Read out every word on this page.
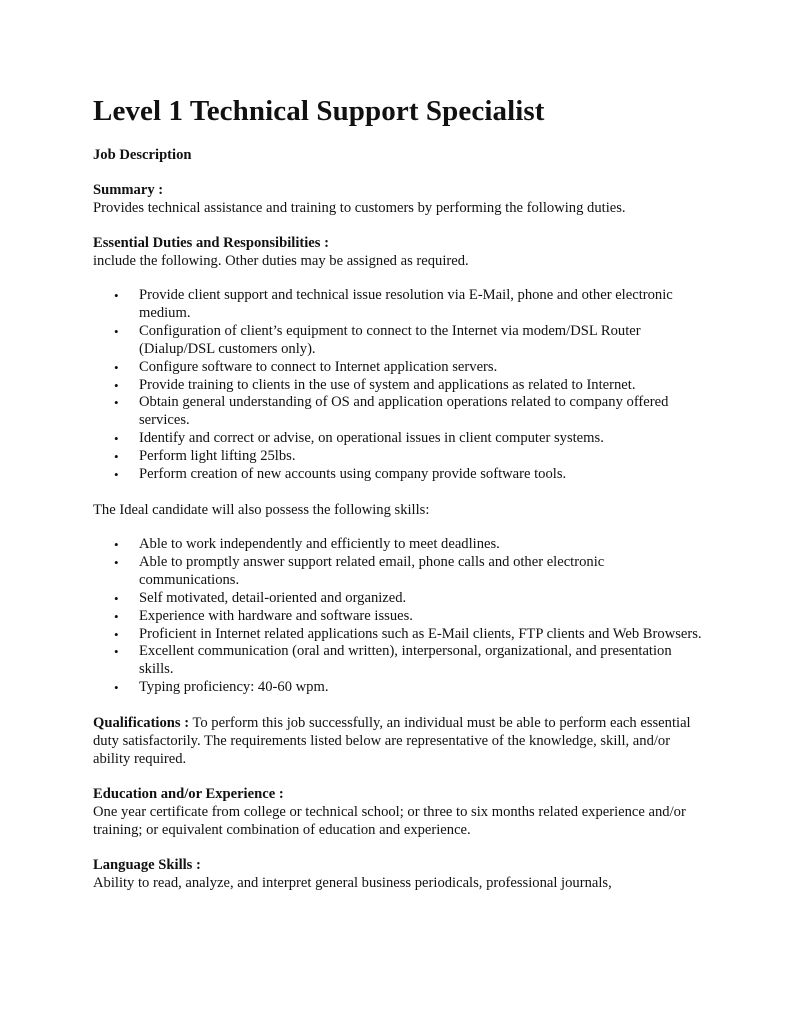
Level 1 Technical Support Specialist

Job Description

Summary :

Provides technical assistance and training to customers by performing the following duties.

Essential Duties and Responsibilities :

include the following. Other duties may be assigned as required.

• Provide client support and technical issue resolution via E-Mail, phone and other electronic medium.
• Configuration of client’s equipment to connect to the Internet via modem/DSL Router (Dialup/DSL customers only).
• Configure software to connect to Internet application servers.
• Provide training to clients in the use of system and applications as related to Internet.
• Obtain general understanding of OS and application operations related to company offered services.
• Identify and correct or advise, on operational issues in client computer systems.
• Perform light lifting 25lbs.
• Perform creation of new accounts using company provide software tools.

The Ideal candidate will also possess the following skills:

• Able to work independently and efficiently to meet deadlines.
• Able to promptly answer support related email, phone calls and other electronic communications.
• Self motivated, detail-oriented and organized.
• Experience with hardware and software issues.
• Proficient in Internet related applications such as E-Mail clients, FTP clients and Web Browsers.
• Excellent communication (oral and written), interpersonal, organizational, and presentation skills.
• Typing proficiency: 40-60 wpm.

Qualifications : To perform this job successfully, an individual must be able to perform each essential duty satisfactorily. The requirements listed below are representative of the knowledge, skill, and/or ability required.

Education and/or Experience :

One year certificate from college or technical school; or three to six months related experience and/or training; or equivalent combination of education and experience.

Language Skills :

Ability to read, analyze, and interpret general business periodicals, professional journals,
